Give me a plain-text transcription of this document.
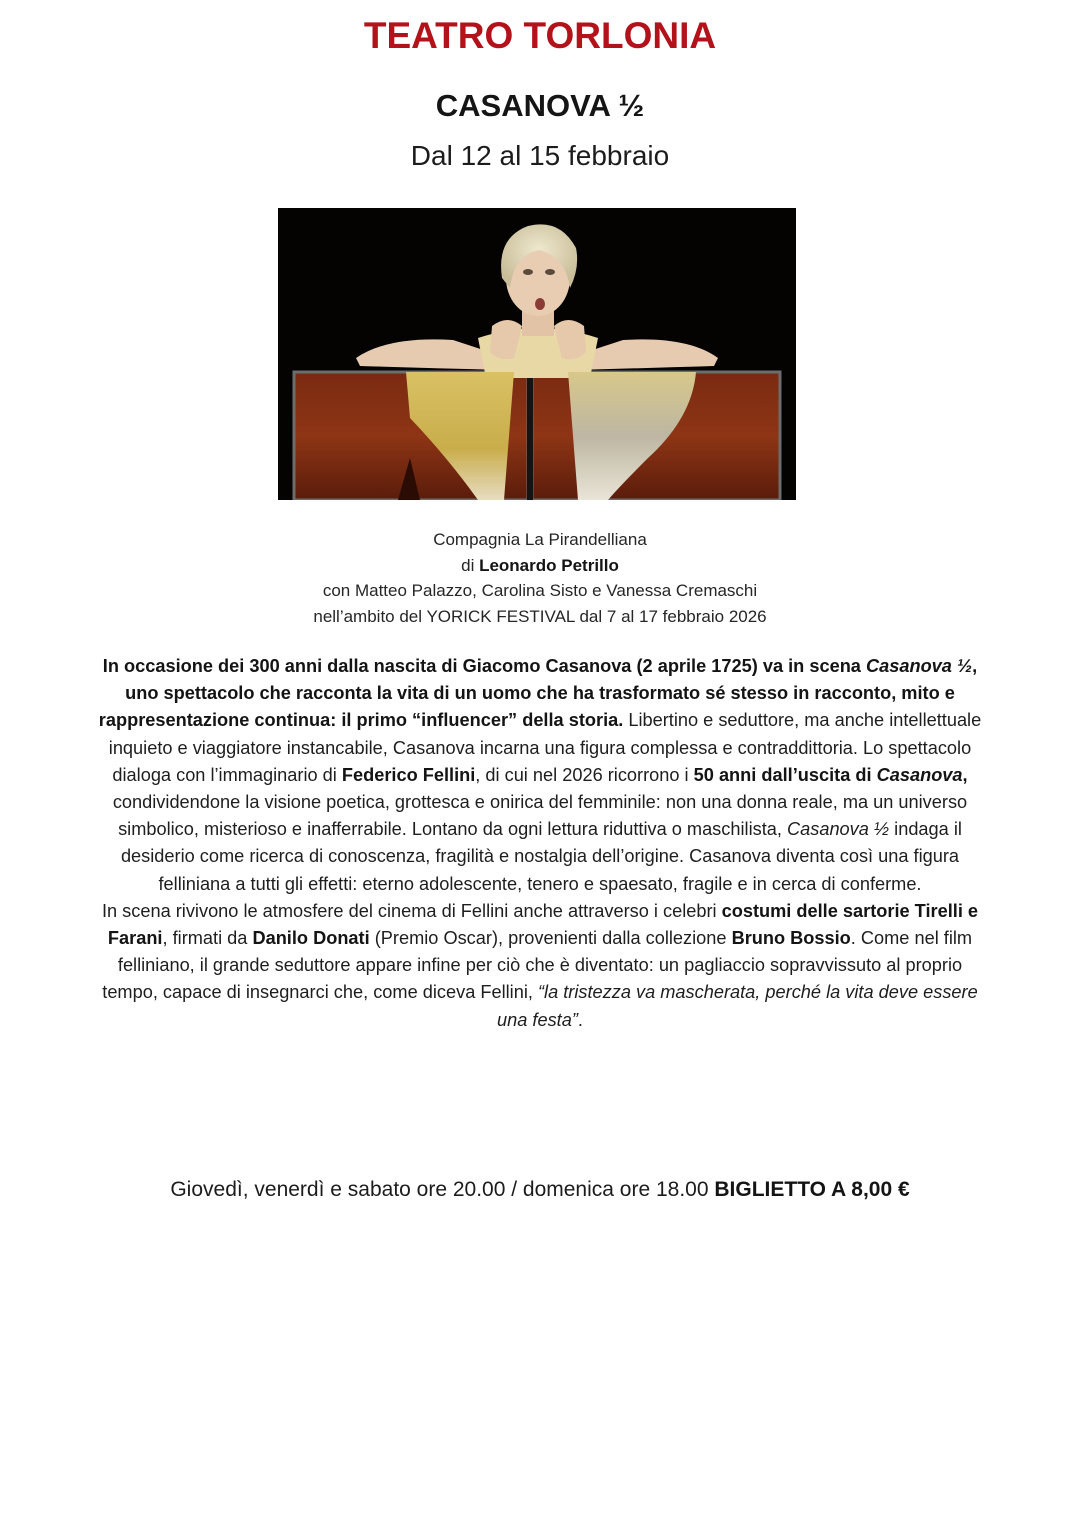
TEATRO TORLONIA
CASANOVA ½
Dal 12 al 15 febbraio
Compagnia La Pirandelliana
di Leonardo Petrillo
con Matteo Palazzo, Carolina Sisto e Vanessa Cremaschi
nell’ambito del YORICK FESTIVAL dal 7 al 17 febbraio 2026
In occasione dei 300 anni dalla nascita di Giacomo Casanova (2 aprile 1725) va in scena Casanova ½,
uno spettacolo che racconta la vita di un uomo che ha trasformato sé stesso in racconto, mito e
rappresentazione continua: il primo “influencer” della storia. Libertino e seduttore, ma anche intellettuale
inquieto e viaggiatore instancabile, Casanova incarna una figura complessa e contraddittoria. Lo spettacolo
dialoga con l’immaginario di Federico Fellini, di cui nel 2026 ricorrono i 50 anni dall’uscita di Casanova,
condividendone la visione poetica, grottesca e onirica del femminile: non una donna reale, ma un universo
simbolico, misterioso e inafferrabile. Lontano da ogni lettura riduttiva o maschilista, Casanova ½ indaga il
desiderio come ricerca di conoscenza, fragilità e nostalgia dell’origine. Casanova diventa così una figura
felliniana a tutti gli effetti: eterno adolescente, tenero e spaesato, fragile e in cerca di conferme.
In scena rivivono le atmosfere del cinema di Fellini anche attraverso i celebri costumi delle sartorie Tirelli e
Farani, firmati da Danilo Donati (Premio Oscar), provenienti dalla collezione Bruno Bossio. Come nel film
felliniano, il grande seduttore appare infine per ciò che è diventato: un pagliaccio sopravvissuto al proprio
tempo, capace di insegnarci che, come diceva Fellini, “la tristezza va mascherata, perché la vita deve essere
una festa”.
Giovedì, venerdì e sabato ore 20.00 / domenica ore 18.00 BIGLIETTO A 8,00 €
